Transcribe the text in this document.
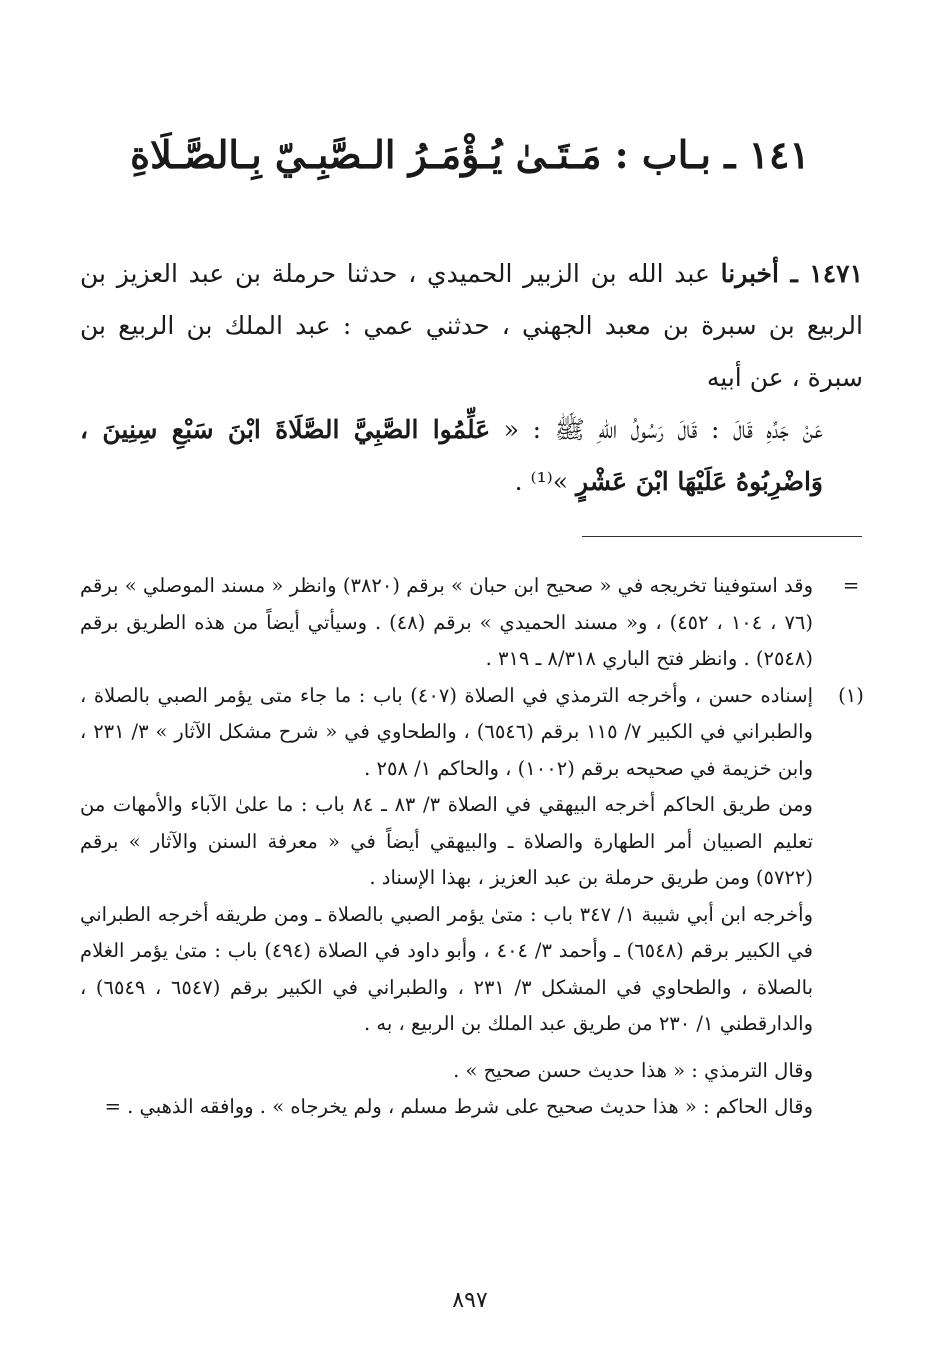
١٤١ ـ بـاب : مَـتَـىٰ يُـؤْمَـرُ الـصَّبِـيّ بِـالصَّـلَاةِ

١٤٧١ ـ أخبرنا عبد الله بن الزبير الحميدي ، حدثنا حرملة بن عبد العزيز بن الربيع بن سبرة بن معبد الجهني ، حدثني عمي : عبد الملك بن الربيع بن سبرة ، عن أبيه

عَنْ جَدِّهِ قَالَ : قَالَ رَسُولُ اللهِ ﷺ : « عَلِّمُوا الصَّبِيَّ الصَّلَاةَ ابْنَ سَبْعِ سِنِينَ ، وَاضْرِبُوهُ عَلَيْهَا ابْنَ عَشْرٍ »⁽¹⁾ .

=
وقد استوفينا تخريجه في « صحيح ابن حبان » برقم (٣٨٢٠) وانظر « مسند الموصلي » برقم (٧٦ ، ١٠٤ ، ٤٥٢) ، و« مسند الحميدي » برقم (٤٨) . وسيأتي أيضاً من هذه الطريق برقم (٢٥٤٨) . وانظر فتح الباري ٨/٣١٨ ـ ٣١٩ .

(١)
إسناده حسن ، وأخرجه الترمذي في الصلاة (٤٠٧) باب : ما جاء متى يؤمر الصبي بالصلاة ، والطبراني في الكبير ٧/ ١١٥ برقم (٦٥٤٦) ، والطحاوي في « شرح مشكل الآثار » ٣/ ٢٣١ ، وابن خزيمة في صحيحه برقم (١٠٠٢) ، والحاكم ١/ ٢٥٨ .

ومن طريق الحاكم أخرجه البيهقي في الصلاة ٣/ ٨٣ ـ ٨٤ باب : ما علىٰ الآباء والأمهات من تعليم الصبيان أمر الطهارة والصلاة ـ والبيهقي أيضاً في « معرفة السنن والآثار » برقم (٥٧٢٢) ومن طريق حرملة بن عبد العزيز ، بهذا الإسناد .

وأخرجه ابن أبي شيبة ١/ ٣٤٧ باب : متىٰ يؤمر الصبي بالصلاة ـ ومن طريقه أخرجه الطبراني في الكبير برقم (٦٥٤٨) ـ وأحمد ٣/ ٤٠٤ ، وأبو داود في الصلاة (٤٩٤) باب : متىٰ يؤمر الغلام بالصلاة ، والطحاوي في المشكل ٣/ ٢٣١ ، والطبراني في الكبير برقم (٦٥٤٧ ، ٦٥٤٩) ، والدارقطني ١/ ٢٣٠ من طريق عبد الملك بن الربيع ، به .

وقال الترمذي : « هذا حديث حسن صحيح » .

وقال الحاكم : « هذا حديث صحيح على شرط مسلم ، ولم يخرجاه » . ووافقه الذهبي . =

٨٩٧
